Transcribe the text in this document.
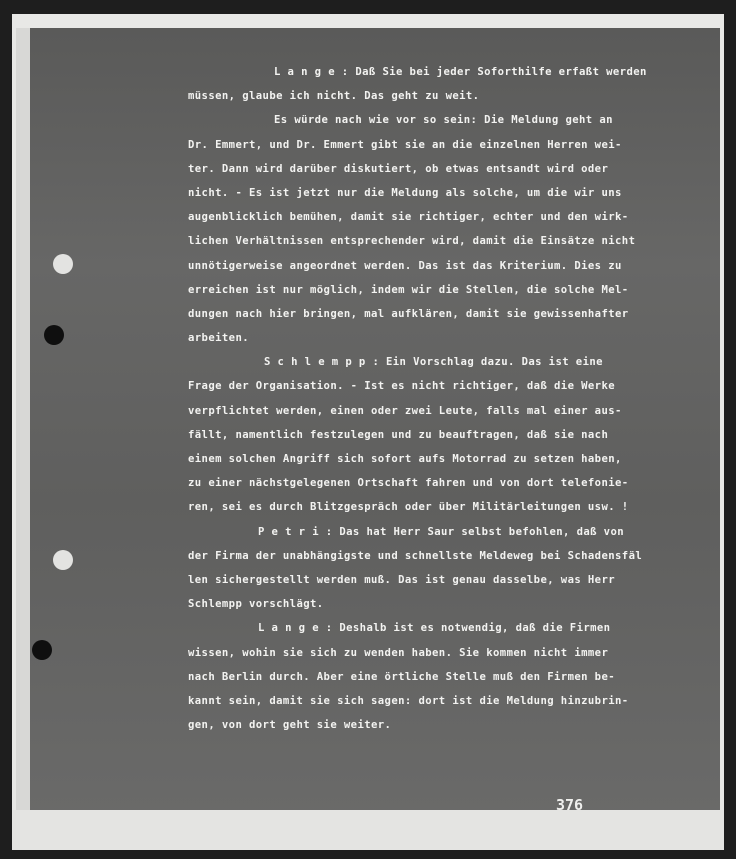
L a n g e : Daß Sie bei jeder Soforthilfe erfaßt werden
müssen, glaube ich nicht. Das geht zu weit.
Es würde nach wie vor so sein: Die Meldung geht an
Dr. Emmert, und Dr. Emmert gibt sie an die einzelnen Herren wei-
ter. Dann wird darüber diskutiert, ob etwas entsandt wird oder
nicht. - Es ist jetzt nur die Meldung als solche, um die wir uns
augenblicklich bemühen, damit sie richtiger, echter und den wirk-
lichen Verhältnissen entsprechender wird, damit die Einsätze nicht
unnötigerweise angeordnet werden. Das ist das Kriterium. Dies zu
erreichen ist nur möglich, indem wir die Stellen, die solche Mel-
dungen nach hier bringen, mal aufklären, damit sie gewissenhafter
arbeiten.
S c h l e m p p : Ein Vorschlag dazu. Das ist eine
Frage der Organisation. - Ist es nicht richtiger, daß die Werke
verpflichtet werden, einen oder zwei Leute, falls mal einer aus-
fällt, namentlich festzulegen und zu beauftragen, daß sie nach
einem solchen Angriff sich sofort aufs Motorrad zu setzen haben,
zu einer nächstgelegenen Ortschaft fahren und von dort telefonie-
ren, sei es durch Blitzgespräch oder über Militärleitungen usw. !
P e t r i : Das hat Herr Saur selbst befohlen, daß von
der Firma der unabhängigste und schnellste Meldeweg bei Schadensfäl
len sichergestellt werden muß. Das ist genau dasselbe, was Herr
Schlempp vorschlägt.
L a n g e : Deshalb ist es notwendig, daß die Firmen
wissen, wohin sie sich zu wenden haben. Sie kommen nicht immer
nach Berlin durch. Aber eine örtliche Stelle muß den Firmen be-
kannt sein, damit sie sich sagen: dort ist die Meldung hinzubrin-
gen, von dort geht sie weiter.
376
